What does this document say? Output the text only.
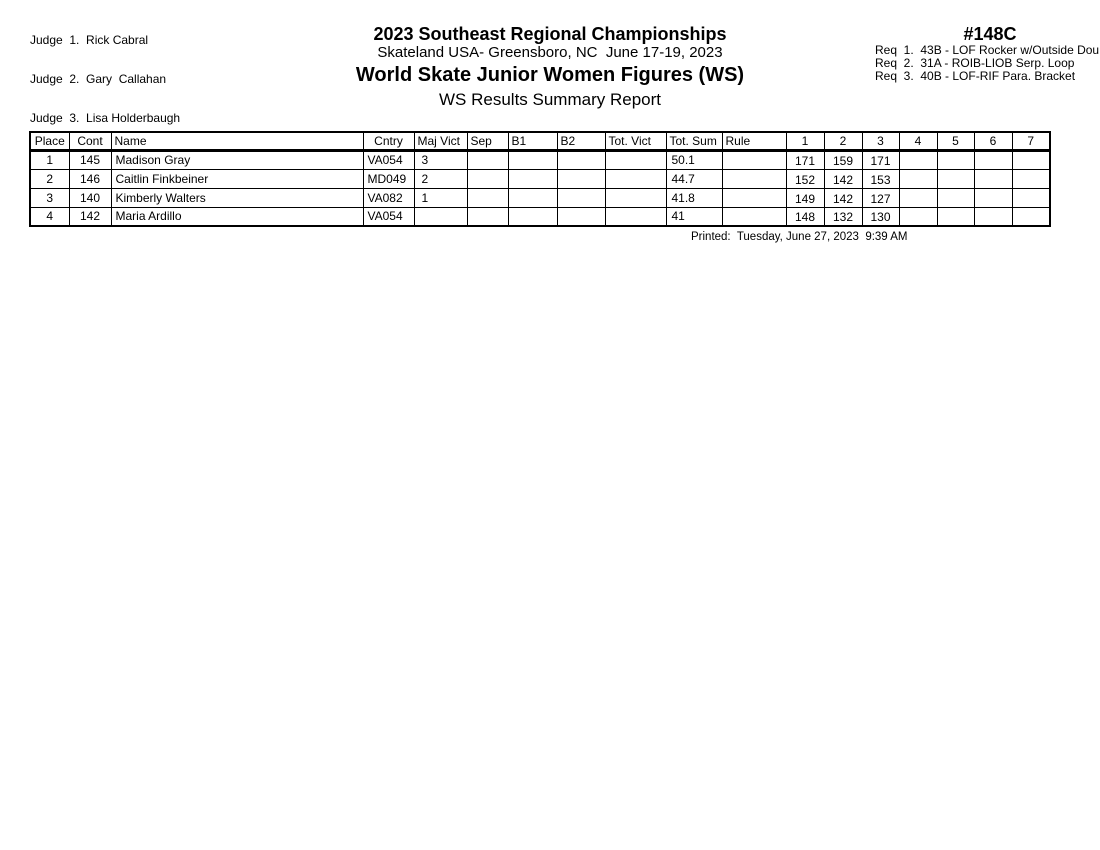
Judge  1.  Rick Cabral

Judge  2.  Gary  Callahan

Judge  3.  Lisa Holderbaugh

2023 Southeast Regional Championships
Skateland USA- Greensboro, NC  June 17-19, 2023
World Skate Junior Women Figures (WS)
WS Results Summary Report
#148C
Req  1.  43B - LOF Rocker w/Outside Dou
Req  2.  31A - ROIB-LIOB Serp. Loop
Req  3.  40B - LOF-RIF Para. Bracket
Place	Cont	Name	Cntry	Maj Vict	Sep	B1	B2	Tot. Vict	Tot. Sum	Rule	1	2	3	4	5	6	7
1	145	Madison Gray	VA054	3					50.1		171	159	171				
2	146	Caitlin Finkbeiner	MD049	2					44.7		152	142	153				
3	140	Kimberly Walters	VA082	1					41.8		149	142	127				
4	142	Maria Ardillo	VA054						41		148	132	130				
Printed:  Tuesday, June 27, 2023  9:39 AM
